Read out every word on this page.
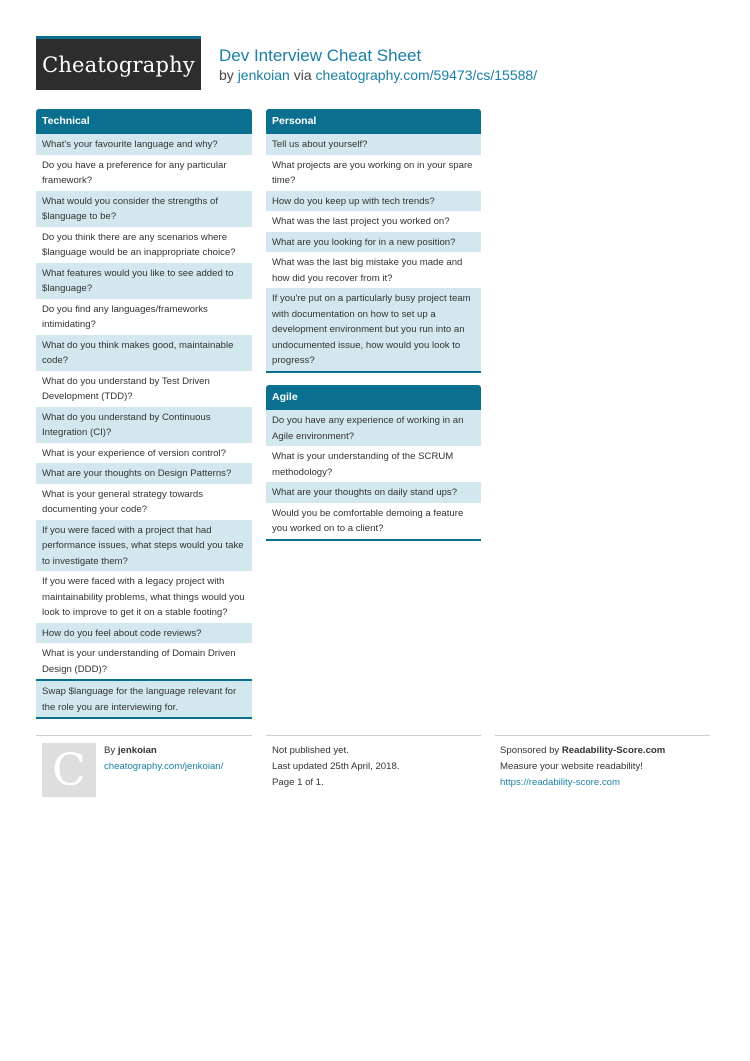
Cheatography Dev Interview Cheat Sheet
by jenkoian via cheatography.com/59473/cs/15588/
Technical
What's your favourite language and why?
Do you have a preference for any particular framework?
What would you consider the strengths of $language to be?
Do you think there are any scenarios where $language would be an inappropriate choice?
What features would you like to see added to $language?
Do you find any languages/frameworks intimidating?
What do you think makes good, maintainable code?
What do you understand by Test Driven Development (TDD)?
What do you understand by Continuous Integration (CI)?
What is your experience of version control?
What are your thoughts on Design Patterns?
What is your general strategy towards documenting your code?
If you were faced with a project that had performance issues, what steps would you take to investigate them?
If you were faced with a legacy project with maintainability problems, what things would you look to improve to get it on a stable footing?
How do you feel about code reviews?
What is your understanding of Domain Driven Design (DDD)?
Swap $language for the language relevant for the role you are interviewing for.
Personal
Tell us about yourself?
What projects are you working on in your spare time?
How do you keep up with tech trends?
What was the last project you worked on?
What are you looking for in a new position?
What was the last big mistake you made and how did you recover from it?
If you're put on a particularly busy project team with documentation on how to set up a development environment but you run into an undocumented issue, how would you look to progress?
Agile
Do you have any experience of working in an Agile environment?
What is your understanding of the SCRUM methodology?
What are your thoughts on daily stand ups?
Would you be comfortable demoing a feature you worked on to a client?
C By jenkoian
cheatography.com/jenkoian/
Not published yet.
Last updated 25th April, 2018.
Page 1 of 1.
Sponsored by Readability-Score.com
Measure your website readability!
https://readability-score.com
